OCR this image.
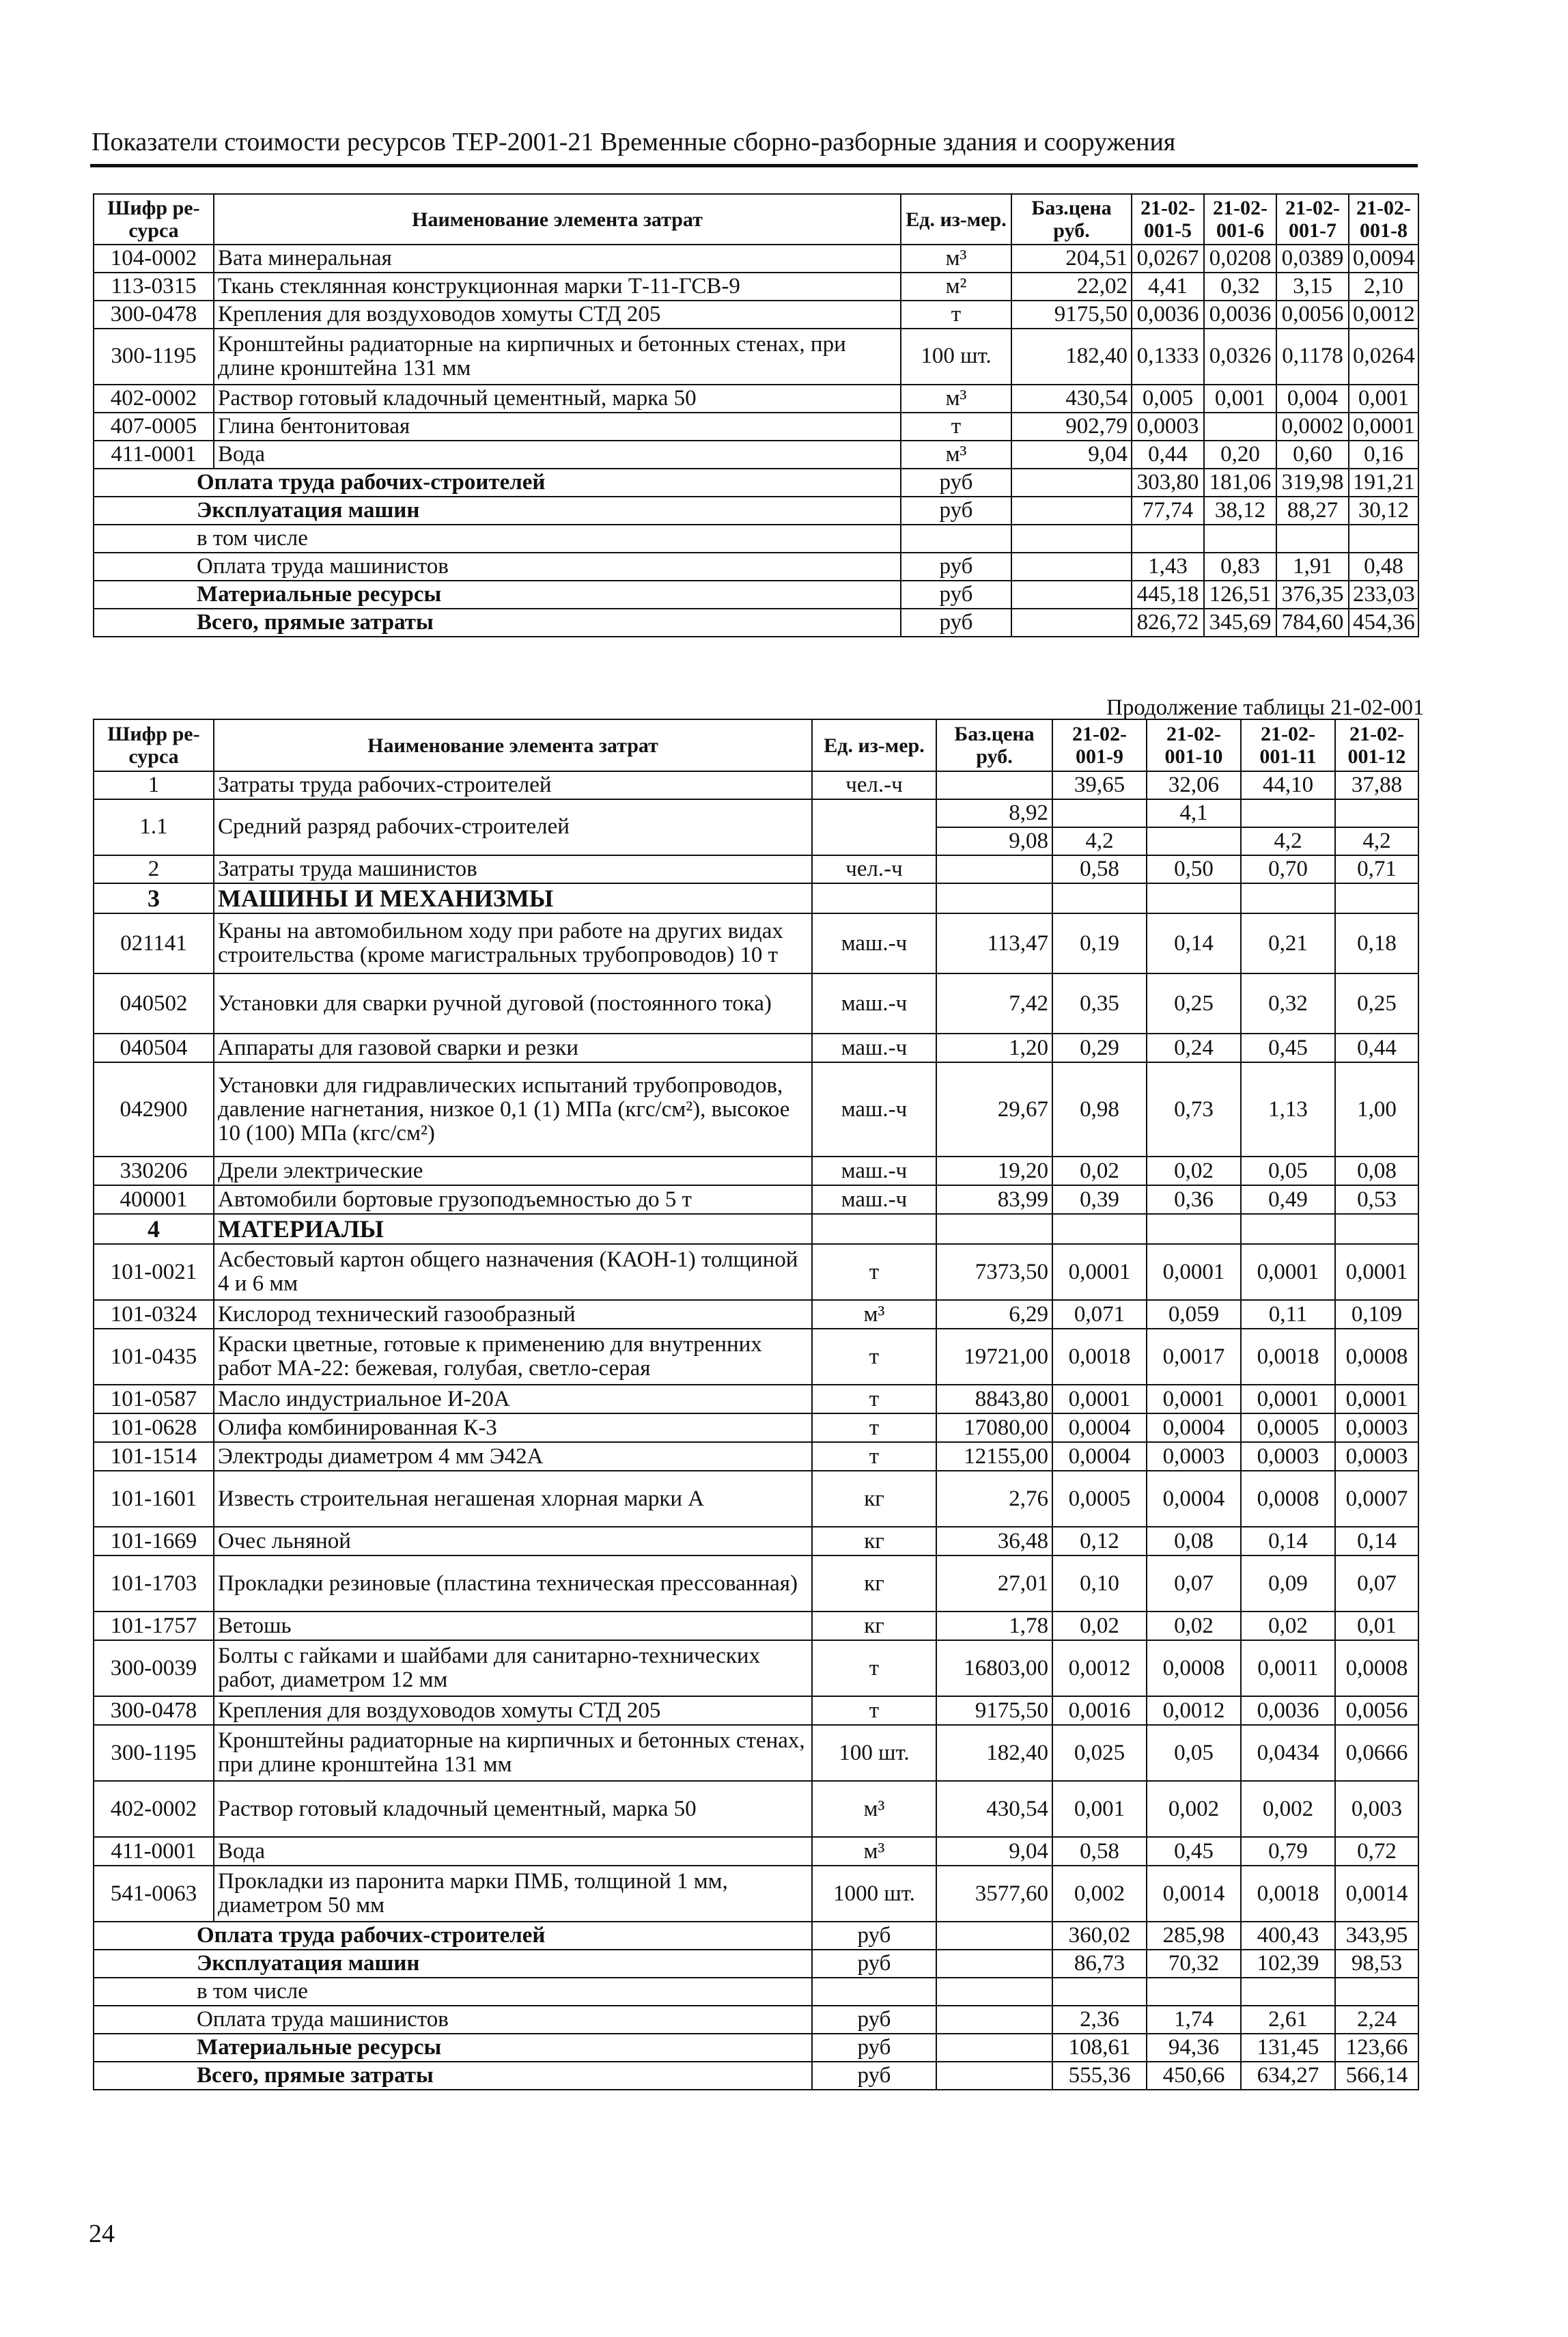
Показатели стоимости ресурсов ТЕР-2001-21 Временные сборно-разборные здания и сооружения
Шифр ре-сурса	Наименование элемента затрат	Ед. из-мер.	Баз.цена руб.	21-02-001-5	21-02-001-6	21-02-001-7	21-02-001-8
104-0002	Вата минеральная	м³	204,51	0,0267	0,0208	0,0389	0,0094
113-0315	Ткань стеклянная конструкционная марки Т-11-ГСВ-9	м²	22,02	4,41	0,32	3,15	2,10
300-0478	Крепления для воздуховодов хомуты СТД 205	т	9175,50	0,0036	0,0036	0,0056	0,0012
300-1195	Кронштейны радиаторные на кирпичных и бетонных стенах, при длине кронштейна 131 мм	100 шт.	182,40	0,1333	0,0326	0,1178	0,0264
402-0002	Раствор готовый кладочный цементный, марка 50	м³	430,54	0,005	0,001	0,004	0,001
407-0005	Глина бентонитовая	т	902,79	0,0003		0,0002	0,0001
411-0001	Вода	м³	9,04	0,44	0,20	0,60	0,16
Оплата труда рабочих-строителей		руб		303,80	181,06	319,98	191,21
Эксплуатация машин		руб		77,74	38,12	88,27	30,12
в том числе							
Оплата труда машинистов		руб		1,43	0,83	1,91	0,48
Материальные ресурсы		руб		445,18	126,51	376,35	233,03
Всего, прямые затраты		руб		826,72	345,69	784,60	454,36
Продолжение таблицы 21-02-001
Шифр ре-сурса	Наименование элемента затрат	Ед. из-мер.	Баз.цена руб.	21-02-001-9	21-02-001-10	21-02-001-11	21-02-001-12
1	Затраты труда рабочих-строителей	чел.-ч		39,65	32,06	44,10	37,88
1.1	Средний разряд рабочих-строителей		8,92		4,1		
			9,08	4,2		4,2	4,2
2	Затраты труда машинистов	чел.-ч		0,58	0,50	0,70	0,71
3	МАШИНЫ И МЕХАНИЗМЫ						
021141	Краны на автомобильном ходу при работе на других видах строительства (кроме магистральных трубопроводов) 10 т	маш.-ч	113,47	0,19	0,14	0,21	0,18
040502	Установки для сварки ручной дуговой (постоянного тока)	маш.-ч	7,42	0,35	0,25	0,32	0,25
040504	Аппараты для газовой сварки и резки	маш.-ч	1,20	0,29	0,24	0,45	0,44
042900	Установки для гидравлических испытаний трубопроводов, давление нагнетания, низкое 0,1 (1) МПа (кгс/см²), высокое 10 (100) МПа (кгс/см²)	маш.-ч	29,67	0,98	0,73	1,13	1,00
330206	Дрели электрические	маш.-ч	19,20	0,02	0,02	0,05	0,08
400001	Автомобили бортовые грузоподъемностью до 5 т	маш.-ч	83,99	0,39	0,36	0,49	0,53
4	МАТЕРИАЛЫ						
101-0021	Асбестовый картон общего назначения (КАОН-1) толщиной 4 и 6 мм	т	7373,50	0,0001	0,0001	0,0001	0,0001
101-0324	Кислород технический газообразный	м³	6,29	0,071	0,059	0,11	0,109
101-0435	Краски цветные, готовые к применению для внутренних работ МА-22: бежевая, голубая, светло-серая	т	19721,00	0,0018	0,0017	0,0018	0,0008
101-0587	Масло индустриальное И-20А	т	8843,80	0,0001	0,0001	0,0001	0,0001
101-0628	Олифа комбинированная К-3	т	17080,00	0,0004	0,0004	0,0005	0,0003
101-1514	Электроды диаметром 4 мм Э42А	т	12155,00	0,0004	0,0003	0,0003	0,0003
101-1601	Известь строительная негашеная хлорная марки А	кг	2,76	0,0005	0,0004	0,0008	0,0007
101-1669	Очес льняной	кг	36,48	0,12	0,08	0,14	0,14
101-1703	Прокладки резиновые (пластина техническая прессованная)	кг	27,01	0,10	0,07	0,09	0,07
101-1757	Ветошь	кг	1,78	0,02	0,02	0,02	0,01
300-0039	Болты с гайками и шайбами для санитарно-технических работ, диаметром 12 мм	т	16803,00	0,0012	0,0008	0,0011	0,0008
300-0478	Крепления для воздуховодов хомуты СТД 205	т	9175,50	0,0016	0,0012	0,0036	0,0056
300-1195	Кронштейны радиаторные на кирпичных и бетонных стенах, при длине кронштейна 131 мм	100 шт.	182,40	0,025	0,05	0,0434	0,0666
402-0002	Раствор готовый кладочный цементный, марка 50	м³	430,54	0,001	0,002	0,002	0,003
411-0001	Вода	м³	9,04	0,58	0,45	0,79	0,72
541-0063	Прокладки из паронита марки ПМБ, толщиной 1 мм, диаметром 50 мм	1000 шт.	3577,60	0,002	0,0014	0,0018	0,0014
Оплата труда рабочих-строителей		руб		360,02	285,98	400,43	343,95
Эксплуатация машин		руб		86,73	70,32	102,39	98,53
в том числе							
Оплата труда машинистов		руб		2,36	1,74	2,61	2,24
Материальные ресурсы		руб		108,61	94,36	131,45	123,66
Всего, прямые затраты		руб		555,36	450,66	634,27	566,14
24
